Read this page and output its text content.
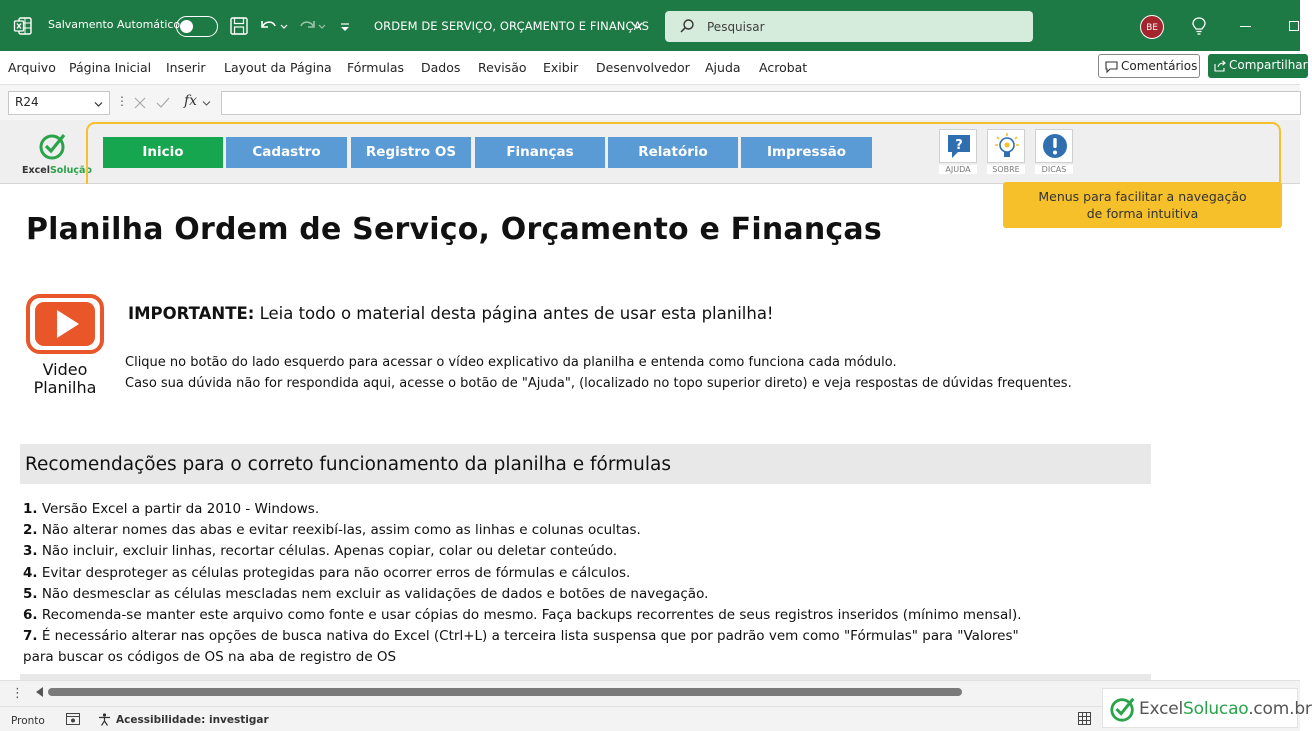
Salvamento Automático	ORDEM DE SERVIÇO, ORÇAMENTO E FINANÇAS	Pesquisar	BE
Arquivo Página Inicial Inserir Layout da Página Fórmulas Dados Revisão Exibir Desenvolvedor Ajuda Acrobat	Comentários	Compartilhar
R24	⋮	fx
ExcelSolução
Inicio	Cadastro	Registro OS	Finanças	Relatório	Impressão	?
AJUDA	SOBRE	DICAS
Menus para facilitar a navegação
de forma intuitiva
Planilha Ordem de Serviço, Orçamento e Finanças
Video
Planilha
IMPORTANTE: Leia todo o material desta página antes de usar esta planilha!
Clique no botão do lado esquerdo para acessar o vídeo explicativo da planilha e entenda como funciona cada módulo.
Caso sua dúvida não for respondida aqui, acesse o botão de "Ajuda", (localizado no topo superior direto) e veja respostas de dúvidas frequentes.
Recomendações para o correto funcionamento da planilha e fórmulas
1. Versão Excel a partir da 2010 - Windows.
2. Não alterar nomes das abas e evitar reexibí-las, assim como as linhas e colunas ocultas.
3. Não incluir, excluir linhas, recortar células. Apenas copiar, colar ou deletar conteúdo.
4. Evitar desproteger as células protegidas para não ocorrer erros de fórmulas e cálculos.
5. Não desmesclar as células mescladas nem excluir as validações de dados e botões de navegação.
6. Recomenda-se manter este arquivo como fonte e usar cópias do mesmo. Faça backups recorrentes de seus registros inseridos (mínimo mensal).
7. É necessário alterar nas opções de busca nativa do Excel (Ctrl+L) a terceira lista suspensa que por padrão vem como "Fórmulas" para "Valores"
para buscar os códigos de OS na aba de registro de OS
⋮
Pronto	Acessibilidade: investigar
ExcelSolucao.com.br
